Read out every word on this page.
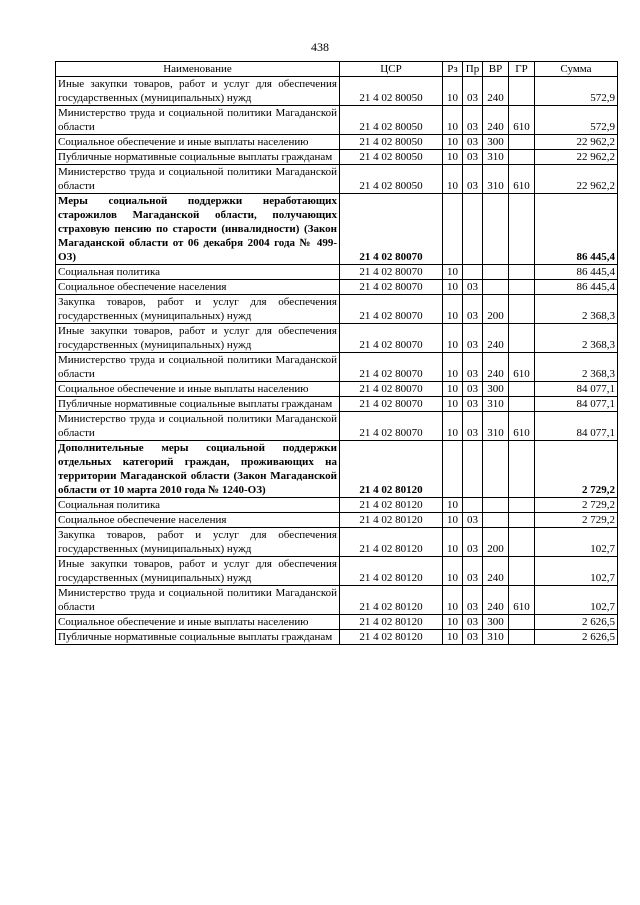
438
Наименование	ЦСР	Рз	Пр	ВР	ГР	Сумма
Иные закупки товаров, работ и услуг для обеспечения государственных (муниципальных) нужд	21 4 02 80050	10	03	240		572,9
Министерство труда и социальной политики Магаданской области	21 4 02 80050	10	03	240	610	572,9
Социальное обеспечение и иные выплаты населению	21 4 02 80050	10	03	300		22 962,2
Публичные нормативные социальные выплаты гражданам	21 4 02 80050	10	03	310		22 962,2
Министерство труда и социальной политики Магаданской области	21 4 02 80050	10	03	310	610	22 962,2
Меры социальной поддержки неработающих старожилов Магаданской области, получающих страховую пенсию по старости (инвалидности) (Закон Магаданской области от 06 декабря 2004 года № 499-ОЗ)	21 4 02 80070					86 445,4
Социальная политика	21 4 02 80070	10				86 445,4
Социальное обеспечение населения	21 4 02 80070	10	03			86 445,4
Закупка товаров, работ и услуг для обеспечения государственных (муниципальных) нужд	21 4 02 80070	10	03	200		2 368,3
Иные закупки товаров, работ и услуг для обеспечения государственных (муниципальных) нужд	21 4 02 80070	10	03	240		2 368,3
Министерство труда и социальной политики Магаданской области	21 4 02 80070	10	03	240	610	2 368,3
Социальное обеспечение и иные выплаты населению	21 4 02 80070	10	03	300		84 077,1
Публичные нормативные социальные выплаты гражданам	21 4 02 80070	10	03	310		84 077,1
Министерство труда и социальной политики Магаданской области	21 4 02 80070	10	03	310	610	84 077,1
Дополнительные меры социальной поддержки отдельных категорий граждан, проживающих на территории Магаданской области (Закон Магаданской области от 10 марта 2010 года № 1240-ОЗ)	21 4 02 80120					2 729,2
Социальная политика	21 4 02 80120	10				2 729,2
Социальное обеспечение населения	21 4 02 80120	10	03			2 729,2
Закупка товаров, работ и услуг для обеспечения государственных (муниципальных) нужд	21 4 02 80120	10	03	200		102,7
Иные закупки товаров, работ и услуг для обеспечения государственных (муниципальных) нужд	21 4 02 80120	10	03	240		102,7
Министерство труда и социальной политики Магаданской области	21 4 02 80120	10	03	240	610	102,7
Социальное обеспечение и иные выплаты населению	21 4 02 80120	10	03	300		2 626,5
Публичные нормативные социальные выплаты гражданам	21 4 02 80120	10	03	310		2 626,5
